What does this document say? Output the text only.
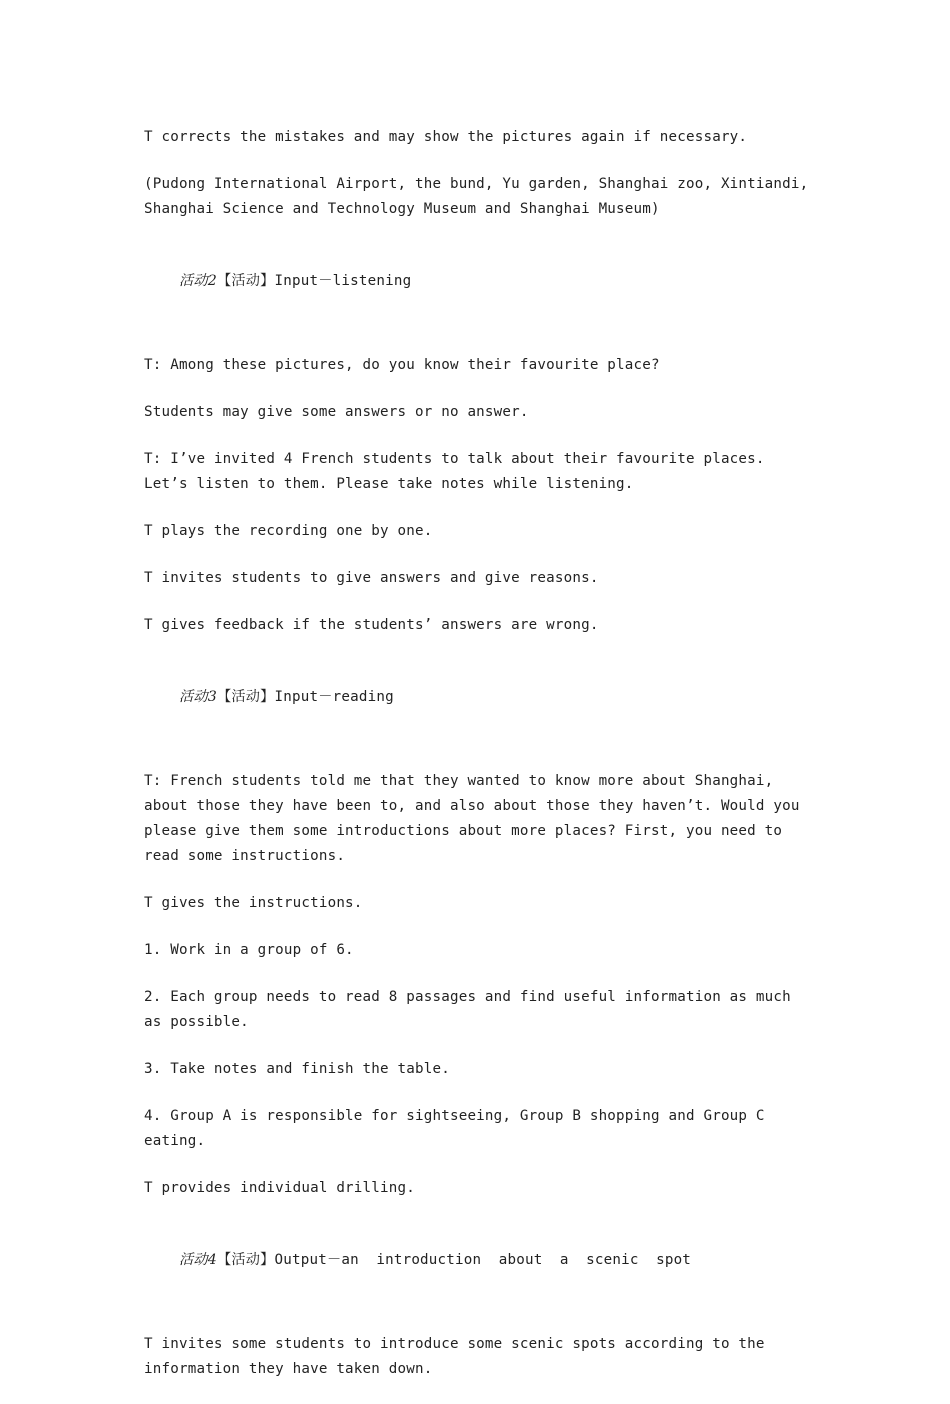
T corrects the mistakes and may show the pictures again if necessary.

(Pudong International Airport, the bund, Yu garden, Shanghai zoo, Xintiandi, Shanghai Science and Technology Museum and Shanghai Museum)

活动2【活动】Input－listening

T: Among these pictures, do you know their favourite place?

Students may give some answers or no answer.

T: I’ve invited 4 French students to talk about their favourite places. Let’s listen to them. Please take notes while listening.

T plays the recording one by one.

T invites students to give answers and give reasons.

T gives feedback if the students’ answers are wrong.

活动3【活动】Input－reading

T: French students told me that they wanted to know more about Shanghai, about those they have been to, and also about those they haven’t. Would you please give them some introductions about more places? First, you need to read some instructions.

T gives the instructions.

1. Work in a group of 6.

2. Each group needs to read 8 passages and find useful information as much as possible.

3. Take notes and finish the table.

4. Group A is responsible for sightseeing, Group B shopping and Group C eating.

T provides individual drilling.

活动4【活动】Output－an  introduction  about  a  scenic  spot

T invites some students to introduce some scenic spots according to the information they have taken down.
